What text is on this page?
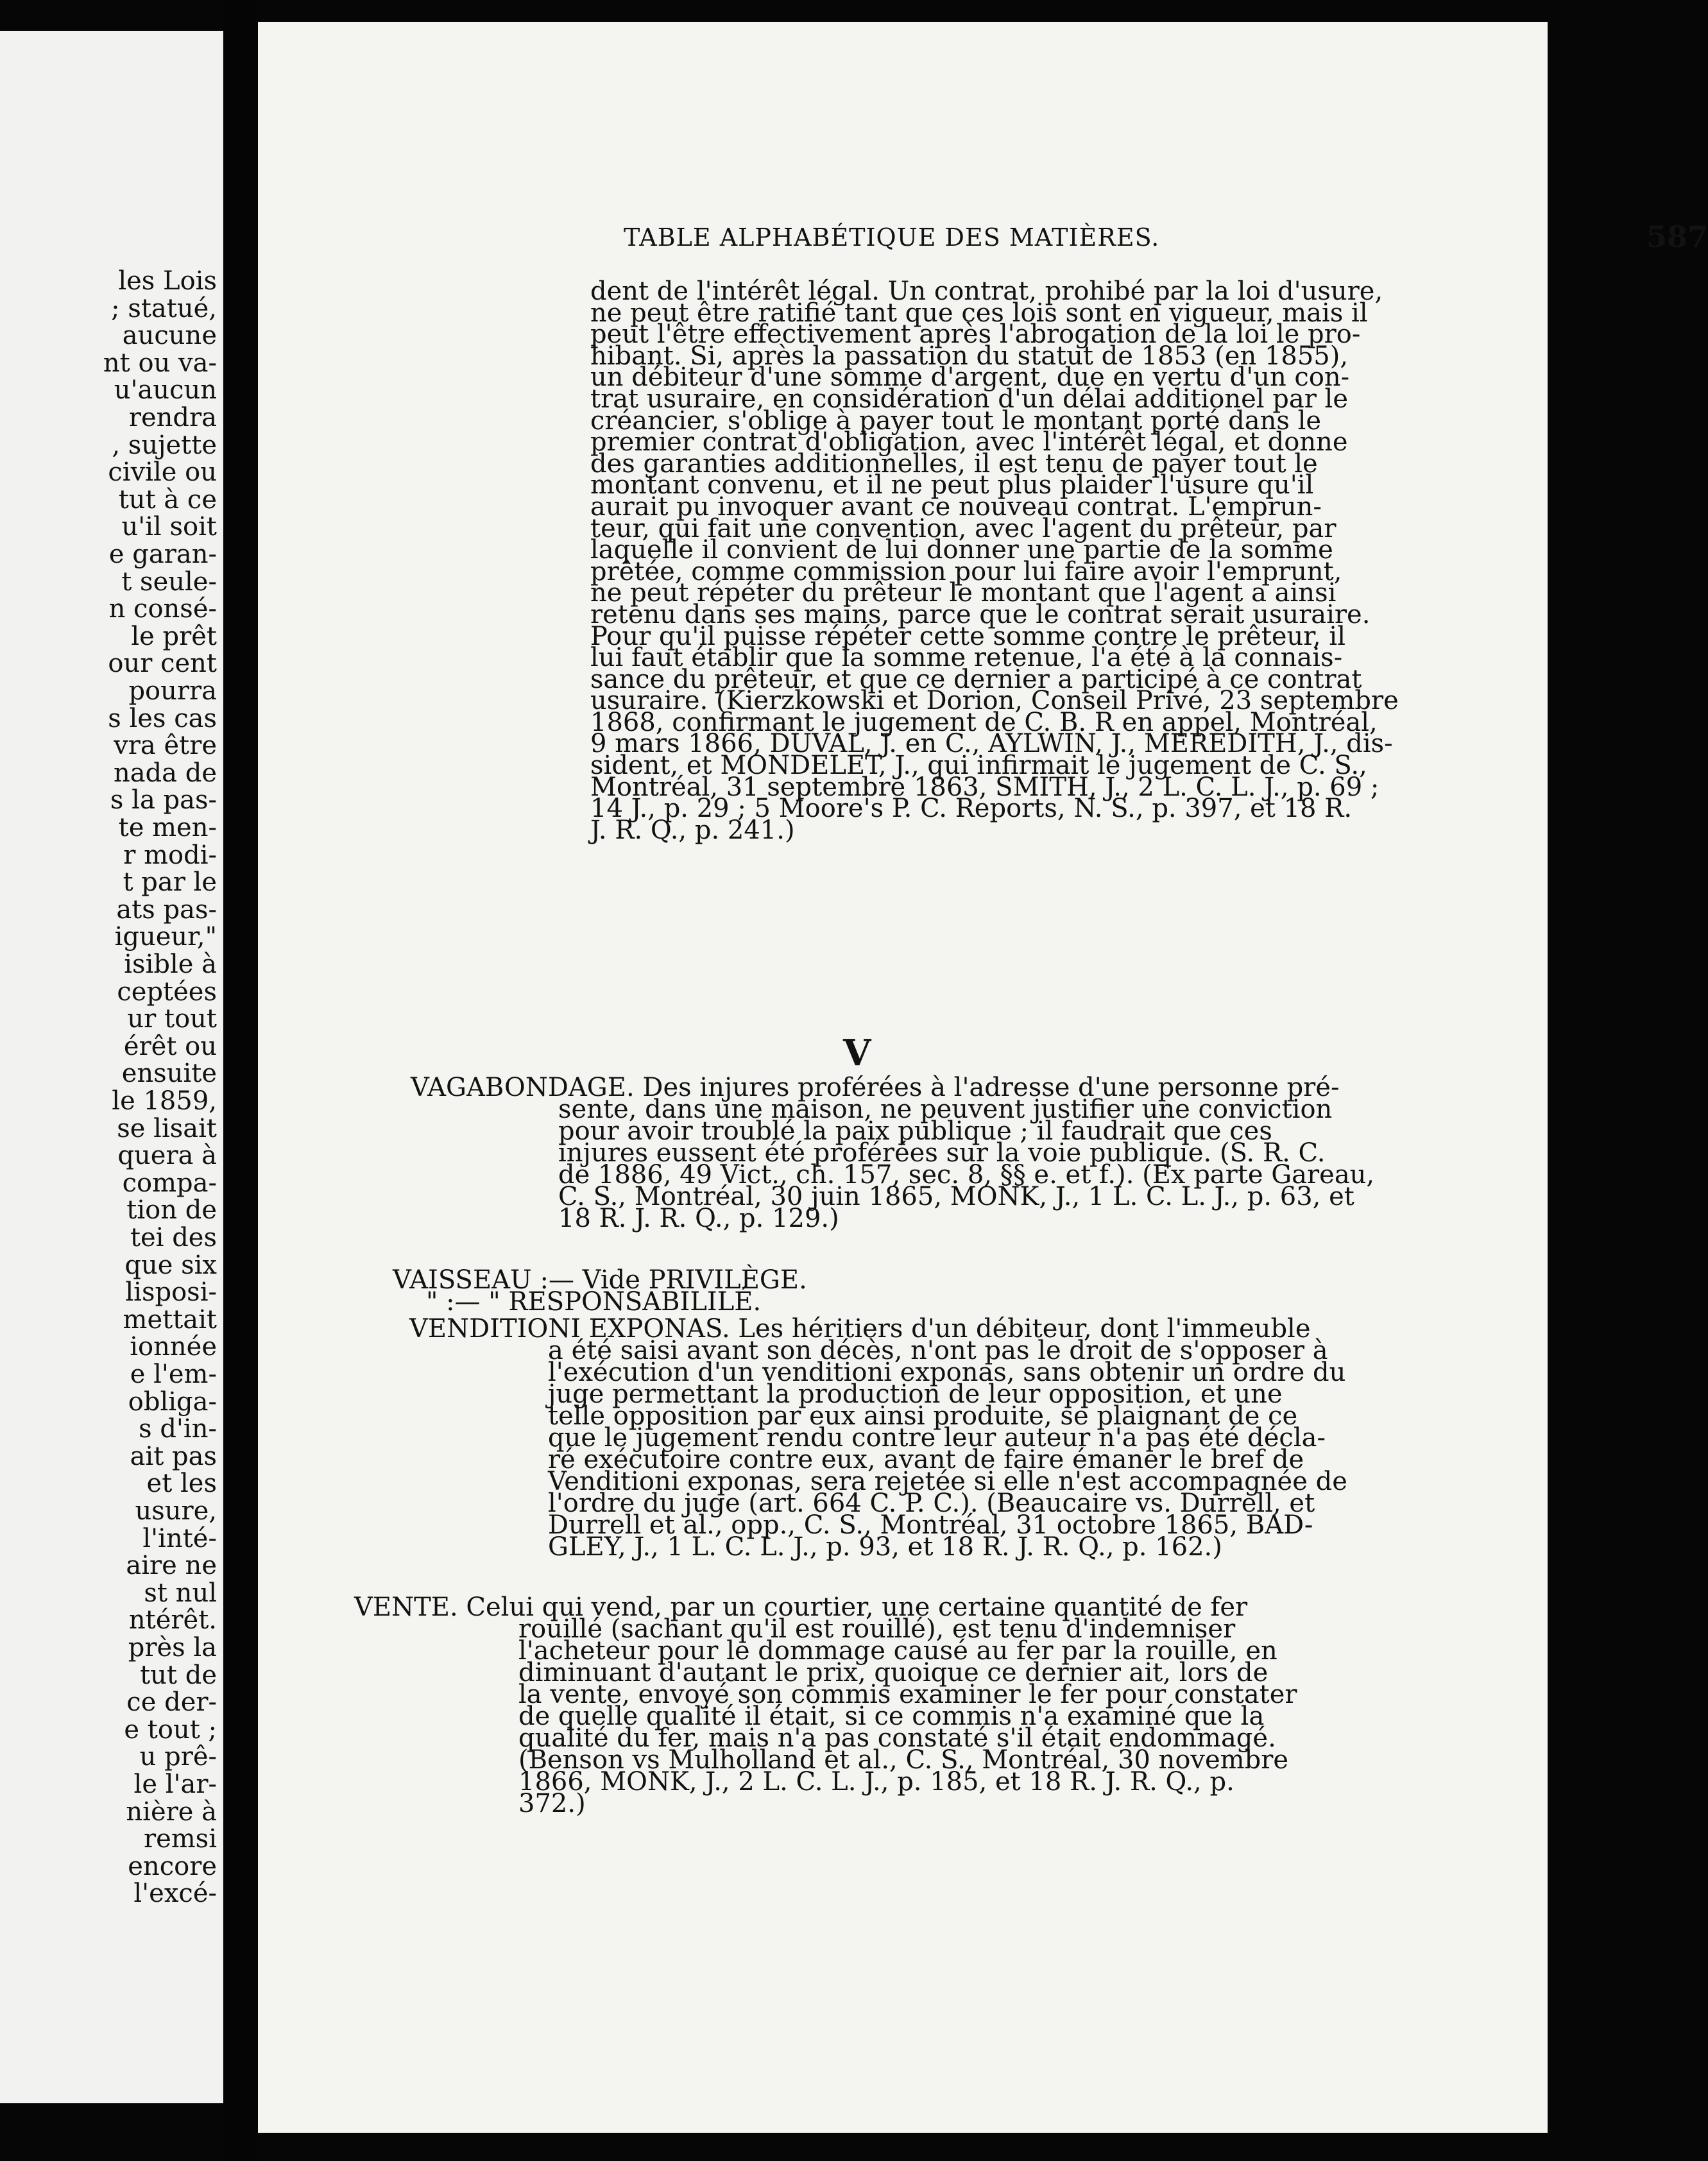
les Lois
; statué,
aucune
nt ou va-
u'aucun
rendra
, sujette
civile ou
tut à ce
u'il soit
e garan-
t seule-
n consé-
le prêt
our cent
pourra
s les cas
vra être
nada de
s la pas-
te men-
r modi-
t par le
ats pas-
igueur,"
isible à
ceptées
ur tout
érêt ou
ensuite
le 1859,
se lisait
quera à
compa-
tion de
tei des
que six
lisposi-
mettait
ionnée
e l'em-
obliga-
s d'in-
ait pas
et les
usure,
l'inté-
aire ne
st nul
ntérêt.
près la
tut de
ce der-
e tout ;
u prê-
le l'ar-
nière à
remsi
encore
l'excé-
TABLE ALPHABÉTIQUE DES MATIÈRES.	587
dent de l'intérêt légal. Un contrat, prohibé par la loi d'usure,
ne peut être ratifié tant que ces lois sont en vigueur, mais il
peut l'être effectivement après l'abrogation de la loi le pro-
hibant. Si, après la passation du statut de 1853 (en 1855),
un débiteur d'une somme d'argent, due en vertu d'un con-
trat usuraire, en considération d'un délai additionel par le
créancier, s'oblige à payer tout le montant porté dans le
premier contrat d'obligation, avec l'intérêt légal, et donne
des garanties additionnelles, il est tenu de payer tout le
montant convenu, et il ne peut plus plaider l'usure qu'il
aurait pu invoquer avant ce nouveau contrat. L'emprun-
teur, qui fait une convention, avec l'agent du prêteur, par
laquelle il convient de lui donner une partie de la somme
prêtée, comme commission pour lui faire avoir l'emprunt,
ne peut répéter du prêteur le montant que l'agent a ainsi
retenu dans ses mains, parce que le contrat serait usuraire.
Pour qu'il puisse répéter cette somme contre le prêteur, il
lui faut établir que la somme retenue, l'a été à la connais-
sance du prêteur, et que ce dernier a participé à ce contrat
usuraire. (Kierzkowski et Dorion, Conseil Privé, 23 septembre
1868, confirmant le jugement de C. B. R en appel, Montréal,
9 mars 1866, DUVAL, J. en C., AYLWIN, J., MEREDITH, J., dis-
sident, et MONDELET, J., qui infirmait le jugement de C. S.,
Montréal, 31 septembre 1863, SMITH, J., 2 L. C. L. J., p. 69 ;
14 J., p. 29 ; 5 Moore's P. C. Reports, N. S., p. 397, et 18 R.
J. R. Q., p. 241.)
V
VAGABONDAGE. Des injures proférées à l'adresse d'une personne pré-
sente, dans une maison, ne peuvent justifier une conviction
pour avoir troublé la paix publique ; il faudrait que ces
injures eussent été proférées sur la voie publique. (S. R. C.
de 1886, 49 Vict., ch. 157, sec. 8, §§ e. et f.). (Ex parte Gareau,
C. S., Montréal, 30 juin 1865, MONK, J., 1 L. C. L. J., p. 63, et
18 R. J. R. Q., p. 129.)
VAISSEAU :— Vide PRIVILÈGE.
" :— " RESPONSABILILÉ.
VENDITIONI EXPONAS. Les héritiers d'un débiteur, dont l'immeuble
a été saisi avant son décès, n'ont pas le droit de s'opposer à
l'exécution d'un venditioni exponas, sans obtenir un ordre du
juge permettant la production de leur opposition, et une
telle opposition par eux ainsi produite, se plaignant de ce
que le jugement rendu contre leur auteur n'a pas été décla-
ré exécutoire contre eux, avant de faire émaner le bref de
Venditioni exponas, sera rejetée si elle n'est accompagnée de
l'ordre du juge (art. 664 C. P. C.). (Beaucaire vs. Durrell, et
Durrell et al., opp., C. S., Montréal, 31 octobre 1865, BAD-
GLEY, J., 1 L. C. L. J., p. 93, et 18 R. J. R. Q., p. 162.)
VENTE. Celui qui vend, par un courtier, une certaine quantité de fer
rouillé (sachant qu'il est rouillé), est tenu d'indemniser
l'acheteur pour le dommage causé au fer par la rouille, en
diminuant d'autant le prix, quoique ce dernier ait, lors de
la vente, envoyé son commis examiner le fer pour constater
de quelle qualité il était, si ce commis n'a examiné que la
qualité du fer, mais n'a pas constaté s'il était endommagé.
(Benson vs Mulholland et al., C. S., Montréal, 30 novembre
1866, MONK, J., 2 L. C. L. J., p. 185, et 18 R. J. R. Q., p.
372.)
